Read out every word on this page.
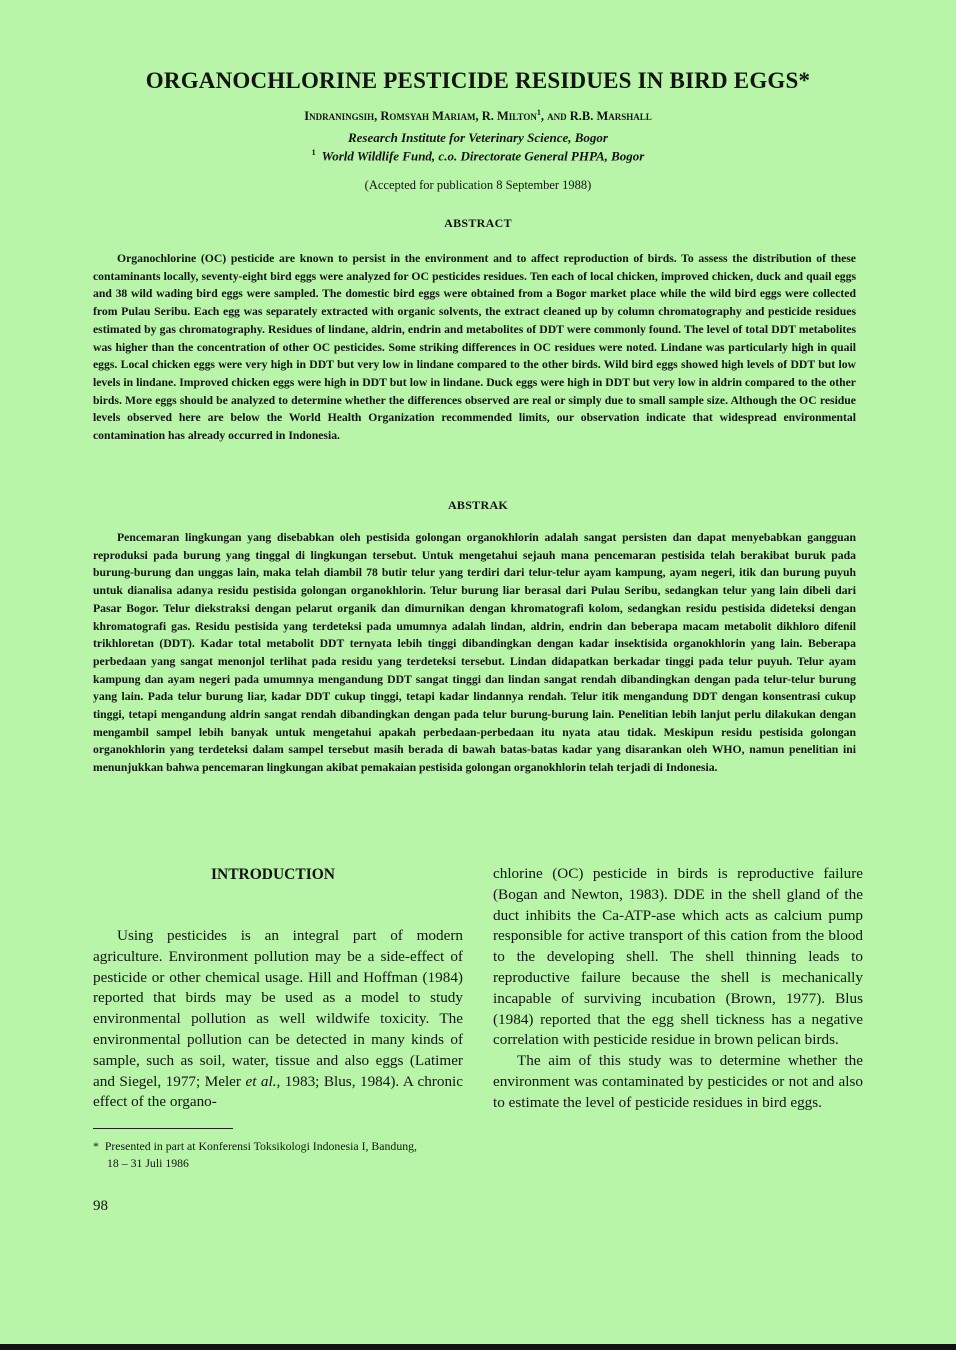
ORGANOCHLORINE PESTICIDE RESIDUES IN BIRD EGGS*
Indraningsih, Romsyah Mariam, R. Milton$^1$, and R.B. Marshall
Research Institute for Veterinary Science, Bogor
$^1$ World Wildlife Fund, c.o. Directorate General PHPA, Bogor
(Accepted for publication 8 September 1988)
ABSTRACT

Organochlorine (OC) pesticide are known to persist in the environment and to affect reproduction of birds. To assess the distribution of these contaminants locally, seventy-eight bird eggs were analyzed for OC pesticides residues. Ten each of local chicken, improved chicken, duck and quail eggs and 38 wild wading bird eggs were sampled. The domestic bird eggs were obtained from a Bogor market place while the wild bird eggs were collected from Pulau Seribu. Each egg was separately extracted with organic solvents, the extract cleaned up by column chromatography and pesticide residues estimated by gas chromatography. Residues of lindane, aldrin, endrin and metabolites of DDT were commonly found. The level of total DDT metabolites was higher than the concentration of other OC pesticides. Some striking differences in OC residues were noted. Lindane was particularly high in quail eggs. Local chicken eggs were very high in DDT but very low in lindane compared to the other birds. Wild bird eggs showed high levels of DDT but low levels in lindane. Improved chicken eggs were high in DDT but low in lindane. Duck eggs were high in DDT but very low in aldrin compared to the other birds. More eggs should be analyzed to determine whether the differences observed are real or simply due to small sample size. Although the OC residue levels observed here are below the World Health Organization recommended limits, our observation indicate that widespread environmental contamination has already occurred in Indonesia.

ABSTRAK

Pencemaran lingkungan yang disebabkan oleh pestisida golongan organokhlorin adalah sangat persisten dan dapat menyebabkan gangguan reproduksi pada burung yang tinggal di lingkungan tersebut. Untuk mengetahui sejauh mana pencemaran pestisida telah berakibat buruk pada burung-burung dan unggas lain, maka telah diambil 78 butir telur yang terdiri dari telur-telur ayam kampung, ayam negeri, itik dan burung puyuh untuk dianalisa adanya residu pestisida golongan organokhlorin. Telur burung liar berasal dari Pulau Seribu, sedangkan telur yang lain dibeli dari Pasar Bogor. Telur diekstraksi dengan pelarut organik dan dimurnikan dengan khromatografi kolom, sedangkan residu pestisida dideteksi dengan khromatografi gas. Residu pestisida yang terdeteksi pada umumnya adalah lindan, aldrin, endrin dan beberapa macam metabolit dikhloro difenil trikhloretan (DDT). Kadar total metabolit DDT ternyata lebih tinggi dibandingkan dengan kadar insektisida organokhlorin yang lain. Beberapa perbedaan yang sangat menonjol terlihat pada residu yang terdeteksi tersebut. Lindan didapatkan berkadar tinggi pada telur puyuh. Telur ayam kampung dan ayam negeri pada umumnya mengandung DDT sangat tinggi dan lindan sangat rendah dibandingkan dengan pada telur-telur burung yang lain. Pada telur burung liar, kadar DDT cukup tinggi, tetapi kadar lindannya rendah. Telur itik mengandung DDT dengan konsentrasi cukup tinggi, tetapi mengandung aldrin sangat rendah dibandingkan dengan pada telur burung-burung lain. Penelitian lebih lanjut perlu dilakukan dengan mengambil sampel lebih banyak untuk mengetahui apakah perbedaan-perbedaan itu nyata atau tidak. Meskipun residu pestisida golongan organokhlorin yang terdeteksi dalam sampel tersebut masih berada di bawah batas-batas kadar yang disarankan oleh WHO, namun penelitian ini menunjukkan bahwa pencemaran lingkungan akibat pemakaian pestisida golongan organokhlorin telah terjadi di Indonesia.

INTRODUCTION

Using pesticides is an integral part of modern agriculture. Environment pollution may be a side-effect of pesticide or other chemical usage. Hill and Hoffman (1984) reported that birds may be used as a model to study environmental pollution as well wildwife toxicity. The environmental pollution can be detected in many kinds of sample, such as soil, water, tissue and also eggs (Latimer and Siegel, 1977; Meler et al., 1983; Blus, 1984). A chronic effect of the organo-

chlorine (OC) pesticide in birds is reproductive failure (Bogan and Newton, 1983). DDE in the shell gland of the duct inhibits the Ca-ATP-ase which acts as calcium pump responsible for active transport of this cation from the blood to the developing shell. The shell thinning leads to reproductive failure because the shell is mechanically incapable of surviving incubation (Brown, 1977). Blus (1984) reported that the egg shell tickness has a negative correlation with pesticide residue in brown pelican birds.

The aim of this study was to determine whether the environment was contaminated by pesticides or not and also to estimate the level of pesticide residues in bird eggs.

* Presented in part at Konferensi Toksikologi Indonesia I, Bandung,
18 – 31 Juli 1986
98
